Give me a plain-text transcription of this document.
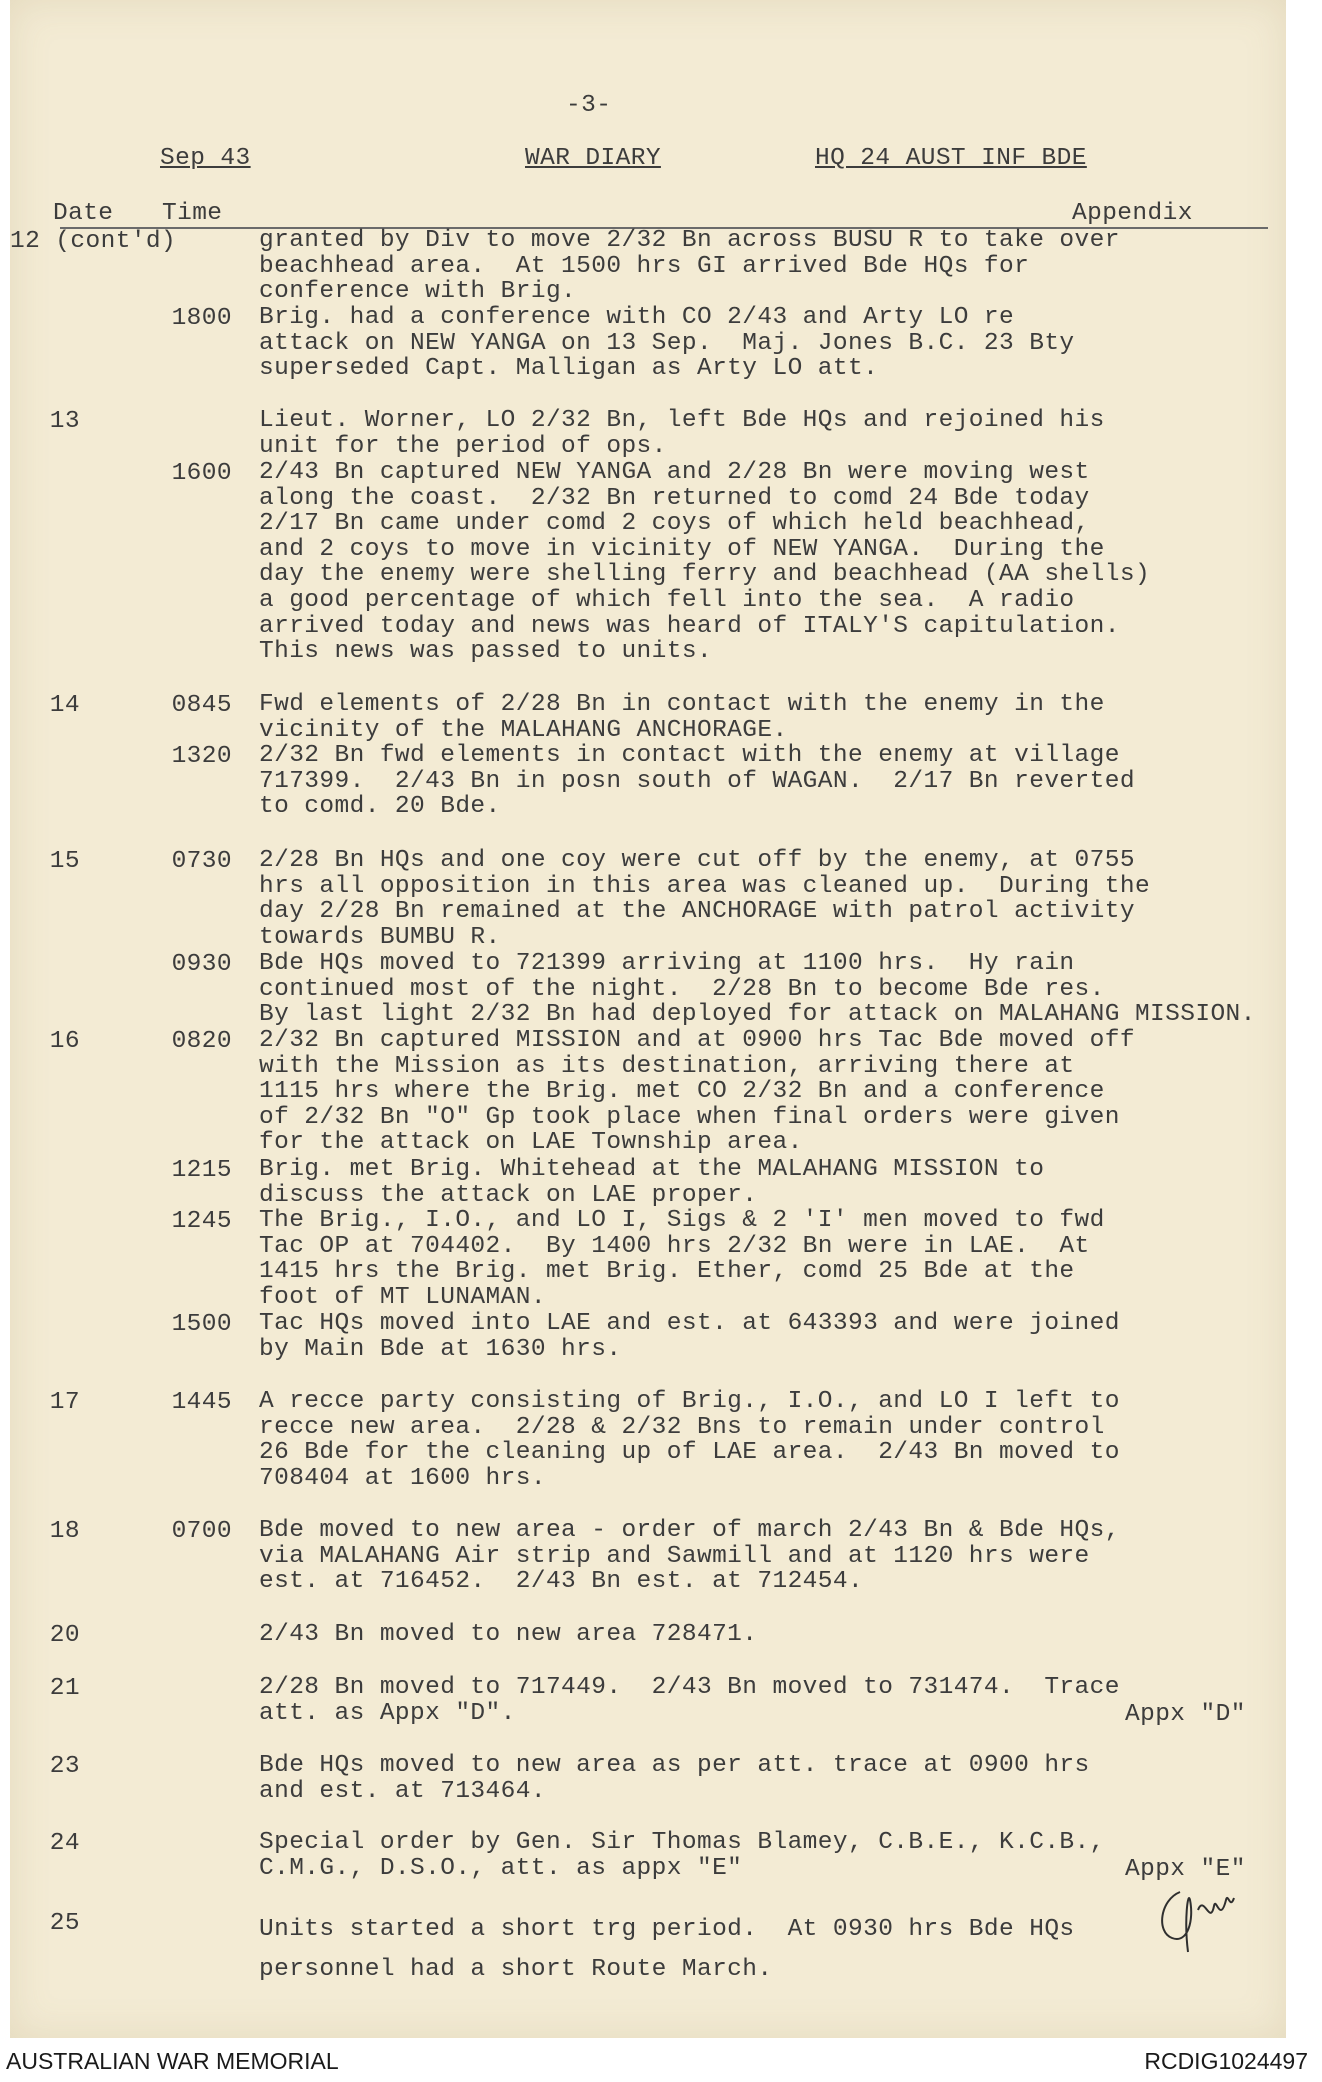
-3-
Sep 43	WAR DIARY	HQ 24 AUST INF BDE
Date Time	Appendix
12 (cont'd)	granted by Div to move 2/32 Bn across BUSU R to take over
beachhead area.  At 1500 hrs GI arrived Bde HQs for
conference with Brig.
1800 Brig. had a conference with CO 2/43 and Arty LO re
attack on NEW YANGA on 13 Sep.  Maj. Jones B.C. 23 Bty
superseded Capt. Malligan as Arty LO att.
13	Lieut. Worner, LO 2/32 Bn, left Bde HQs and rejoined his
unit for the period of ops.
1600 2/43 Bn captured NEW YANGA and 2/28 Bn were moving west
along the coast.  2/32 Bn returned to comd 24 Bde today
2/17 Bn came under comd 2 coys of which held beachhead,
and 2 coys to move in vicinity of NEW YANGA.  During the
day the enemy were shelling ferry and beachhead (AA shells)
a good percentage of which fell into the sea.  A radio
arrived today and news was heard of ITALY'S capitulation.
This news was passed to units.
14	0845 Fwd elements of 2/28 Bn in contact with the enemy in the
vicinity of the MALAHANG ANCHORAGE.
1320 2/32 Bn fwd elements in contact with the enemy at village
717399.  2/43 Bn in posn south of WAGAN.  2/17 Bn reverted
to comd. 20 Bde.
15	0730 2/28 Bn HQs and one coy were cut off by the enemy, at 0755
hrs all opposition in this area was cleaned up.  During the
day 2/28 Bn remained at the ANCHORAGE with patrol activity
towards BUMBU R.
0930 Bde HQs moved to 721399 arriving at 1100 hrs.  Hy rain
continued most of the night.  2/28 Bn to become Bde res.
By last light 2/32 Bn had deployed for attack on MALAHANG MISSION.
16	0820 2/32 Bn captured MISSION and at 0900 hrs Tac Bde moved off
with the Mission as its destination, arriving there at
1115 hrs where the Brig. met CO 2/32 Bn and a conference
of 2/32 Bn "O" Gp took place when final orders were given
for the attack on LAE Township area.
1215 Brig. met Brig. Whitehead at the MALAHANG MISSION to
discuss the attack on LAE proper.
1245 The Brig., I.O., and LO I, Sigs & 2 'I' men moved to fwd
Tac OP at 704402.  By 1400 hrs 2/32 Bn were in LAE.  At
1415 hrs the Brig. met Brig. Ether, comd 25 Bde at the
foot of MT LUNAMAN.
1500 Tac HQs moved into LAE and est. at 643393 and were joined
by Main Bde at 1630 hrs.
17	1445 A recce party consisting of Brig., I.O., and LO I left to
recce new area.  2/28 & 2/32 Bns to remain under control
26 Bde for the cleaning up of LAE area.  2/43 Bn moved to
708404 at 1600 hrs.
18	0700 Bde moved to new area - order of march 2/43 Bn & Bde HQs,
via MALAHANG Air strip and Sawmill and at 1120 hrs were
est. at 716452.  2/43 Bn est. at 712454.
20	2/43 Bn moved to new area 728471.
21	2/28 Bn moved to 717449.  2/43 Bn moved to 731474.  Trace
att. as Appx "D".	Appx "D"
23	Bde HQs moved to new area as per att. trace at 0900 hrs
and est. at 713464.
24	Special order by Gen. Sir Thomas Blamey, C.B.E., K.C.B.,
C.M.G., D.S.O., att. as appx "E"	Appx "E"
25	Units started a short trg period.  At 0930 hrs Bde HQs
personnel had a short Route March.
AUSTRALIAN WAR MEMORIAL	RCDIG1024497
